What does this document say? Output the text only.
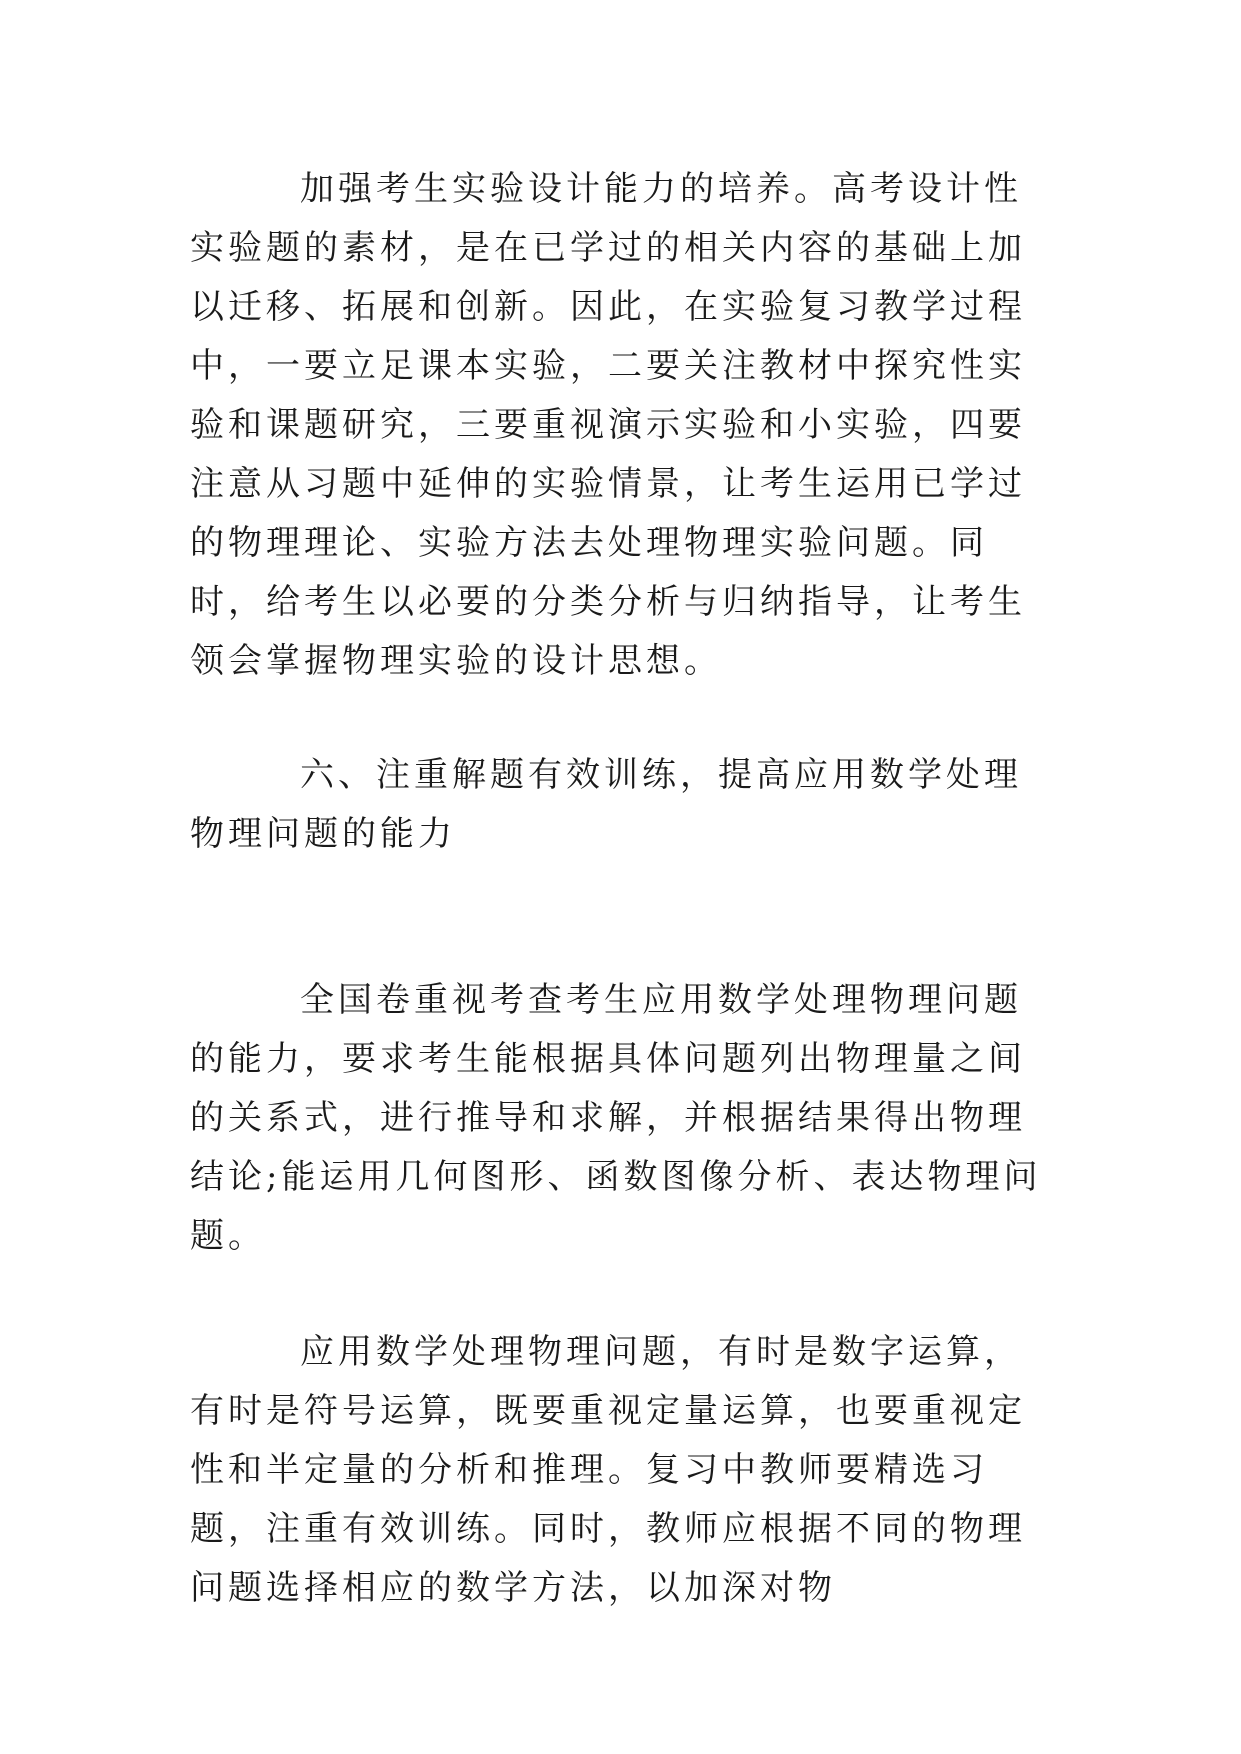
加强考生实验设计能力的培养。高考设计性实验题的素材，是在已学过的相关内容的基础上加以迁移、拓展和创新。因此，在实验复习教学过程中，一要立足课本实验，二要关注教材中探究性实验和课题研究，三要重视演示实验和小实验，四要注意从习题中延伸的实验情景，让考生运用已学过的物理理论、实验方法去处理物理实验问题。同时，给考生以必要的分类分析与归纳指导，让考生领会掌握物理实验的设计思想。

六、注重解题有效训练，提高应用数学处理物理问题的能力

全国卷重视考查考生应用数学处理物理问题的能力，要求考生能根据具体问题列出物理量之间的关系式，进行推导和求解，并根据结果得出物理结论;能运用几何图形、函数图像分析、表达物理问题。

应用数学处理物理问题，有时是数字运算，有时是符号运算，既要重视定量运算，也要重视定性和半定量的分析和推理。复习中教师要精选习题，注重有效训练。同时，教师应根据不同的物理问题选择相应的数学方法，以加深对物
